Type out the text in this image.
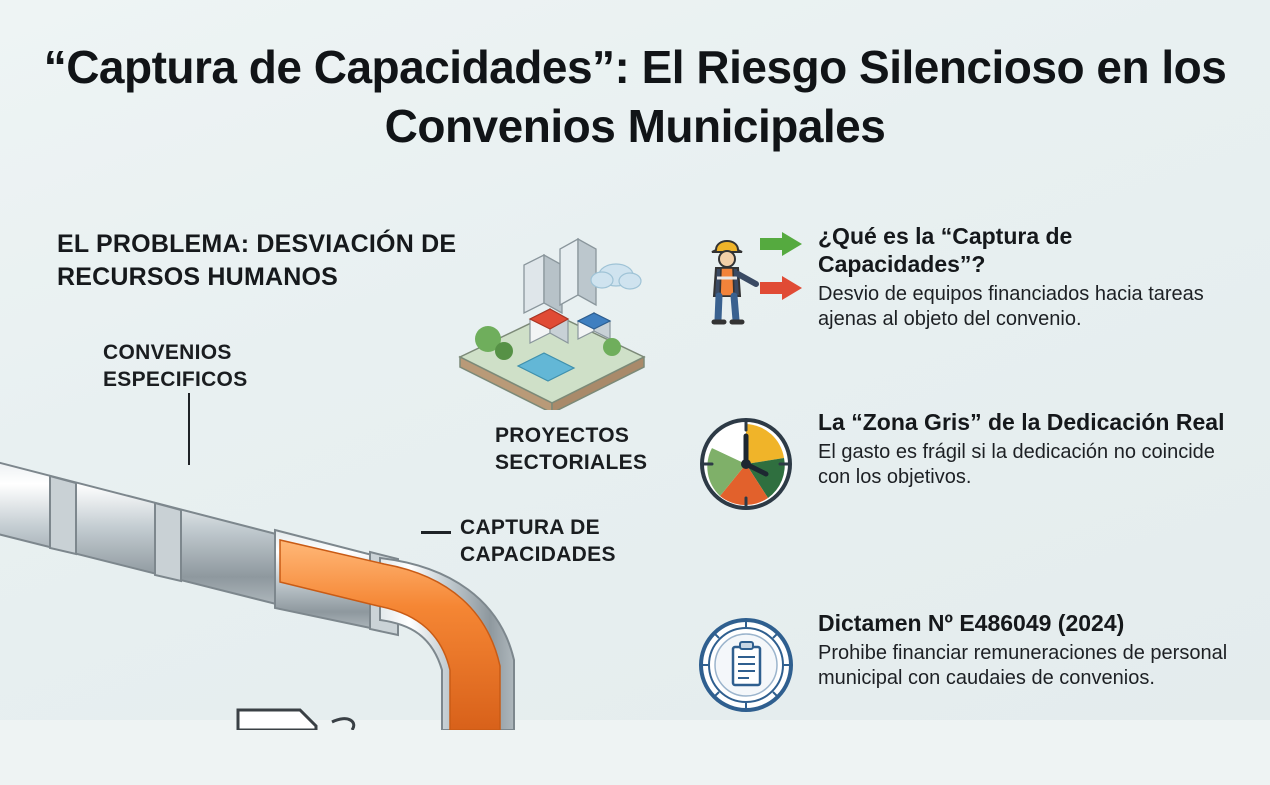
“Captura de Capacidades”: El Riesgo Silencioso en los Convenios Municipales
EL PROBLEMA: DESVIACIÓN DE RECURSOS HUMANOS
CONVENIOS ESPECIFICOS
CAPTURA DE CAPACIDADES
PROYECTOS SECTORIALES
¿Qué es la “Captura de Capacidades”?
Desvio de equipos financiados hacia tareas ajenas al objeto del convenio.
La “Zona Gris” de la Dedicación Real
El gasto es frágil si la dedicación no coincide con los objetivos.
Dictamen Nº E486049 (2024)
Prohibe financiar remuneraciones de personal municipal con caudaies de convenios.
